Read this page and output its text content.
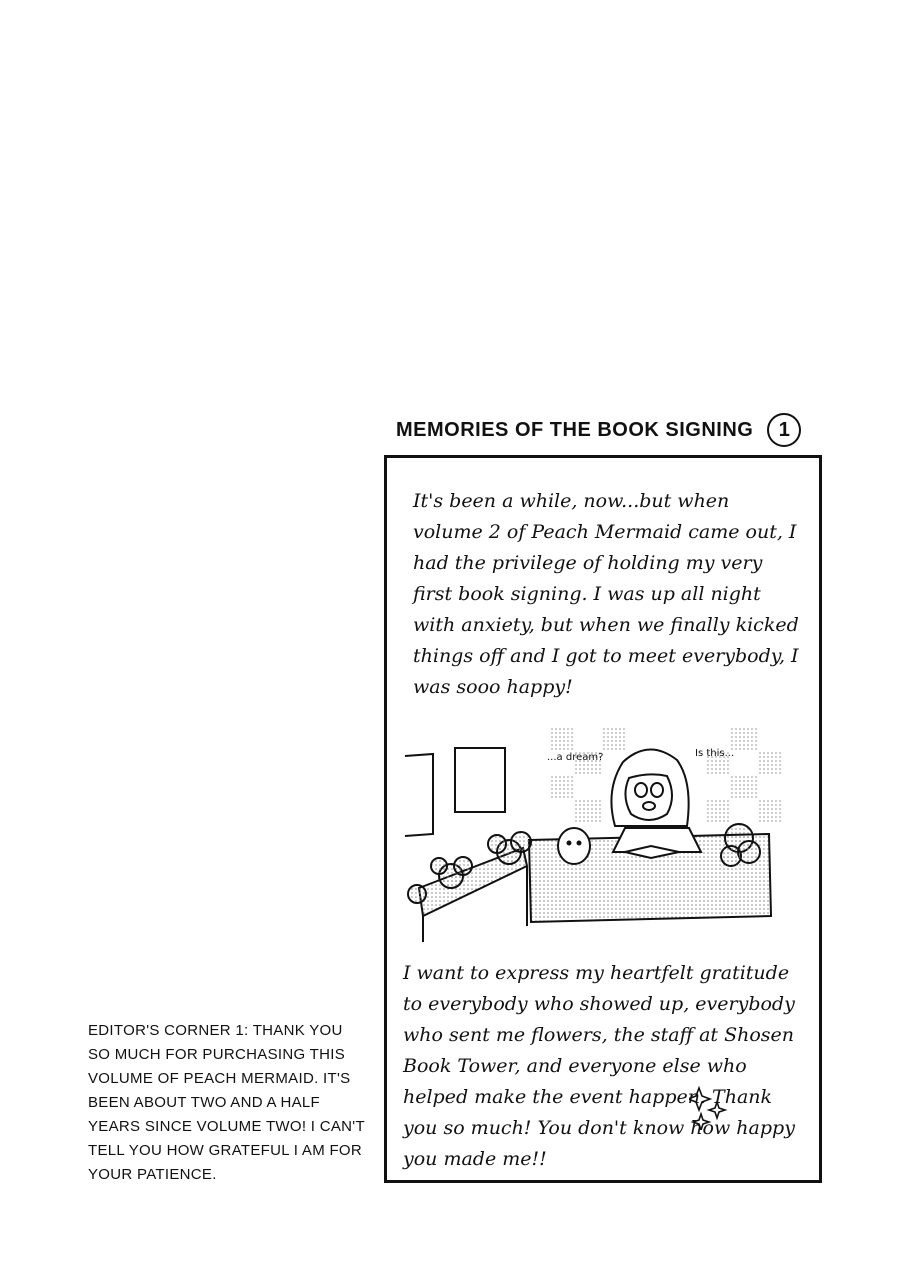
MEMORIES OF THE BOOK SIGNING	1
It's been a while, now...but when volume 2 of Peach Mermaid came out, I had the privilege of holding my very first book signing. I was up all night with anxiety, but when we finally kicked things off and I got to meet everybody, I was sooo happy!
...a dream?	Is this...
I want to express my heartfelt gratitude to everybody who showed up, everybody who sent me flowers, the staff at Shosen Book Tower, and everyone else who helped make the event happen. Thank you so much! You don't know how happy you made me!!
EDITOR'S CORNER 1: THANK YOU SO MUCH FOR PURCHASING THIS VOLUME OF PEACH MERMAID. IT'S BEEN ABOUT TWO AND A HALF YEARS SINCE VOLUME TWO! I CAN'T TELL YOU HOW GRATEFUL I AM FOR YOUR PATIENCE.
